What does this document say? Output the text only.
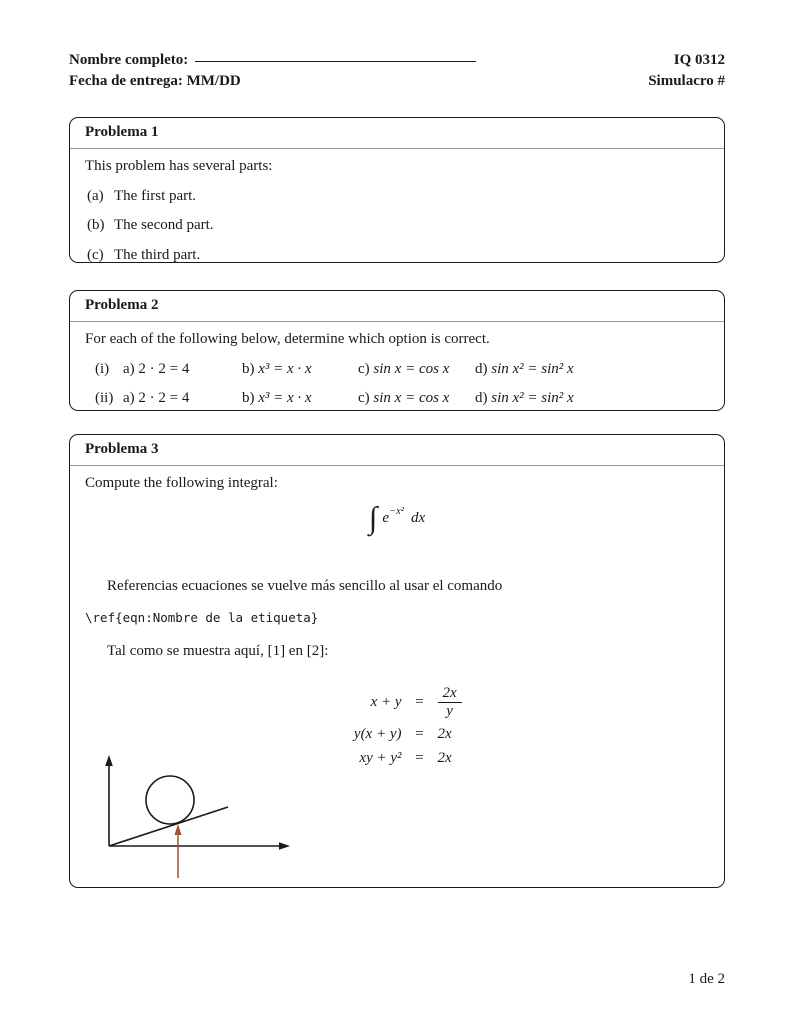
Nombre completo:
Fecha de entrega: MM/DD
IQ 0312
Simulacro #
Problema 1

This problem has several parts:

(a) The first part.
(b) The second part.
(c) The third part.
Problema 2

For each of the following below, determine which option is correct.

(i) a) 2 · 2 = 4	b) x³ = x · x	c) sin x = cos x	d) sin x² = sin² x
(ii) a) 2 · 2 = 4	b) x³ = x · x	c) sin x = cos x	d) sin x² = sin² x
Problema 3

Compute the following integral:

∫ $e^{-x^2}$ dx

Referencias ecuaciones se vuelve más sencillo al usar el comando

\ref{eqn:Nombre de la etiqueta}

Tal como se muestra aquí, [1] en [2]:

$x + y = \frac{2x}{y}$
y(x + y) = 2x
xy + y² = 2x
1 de 2
